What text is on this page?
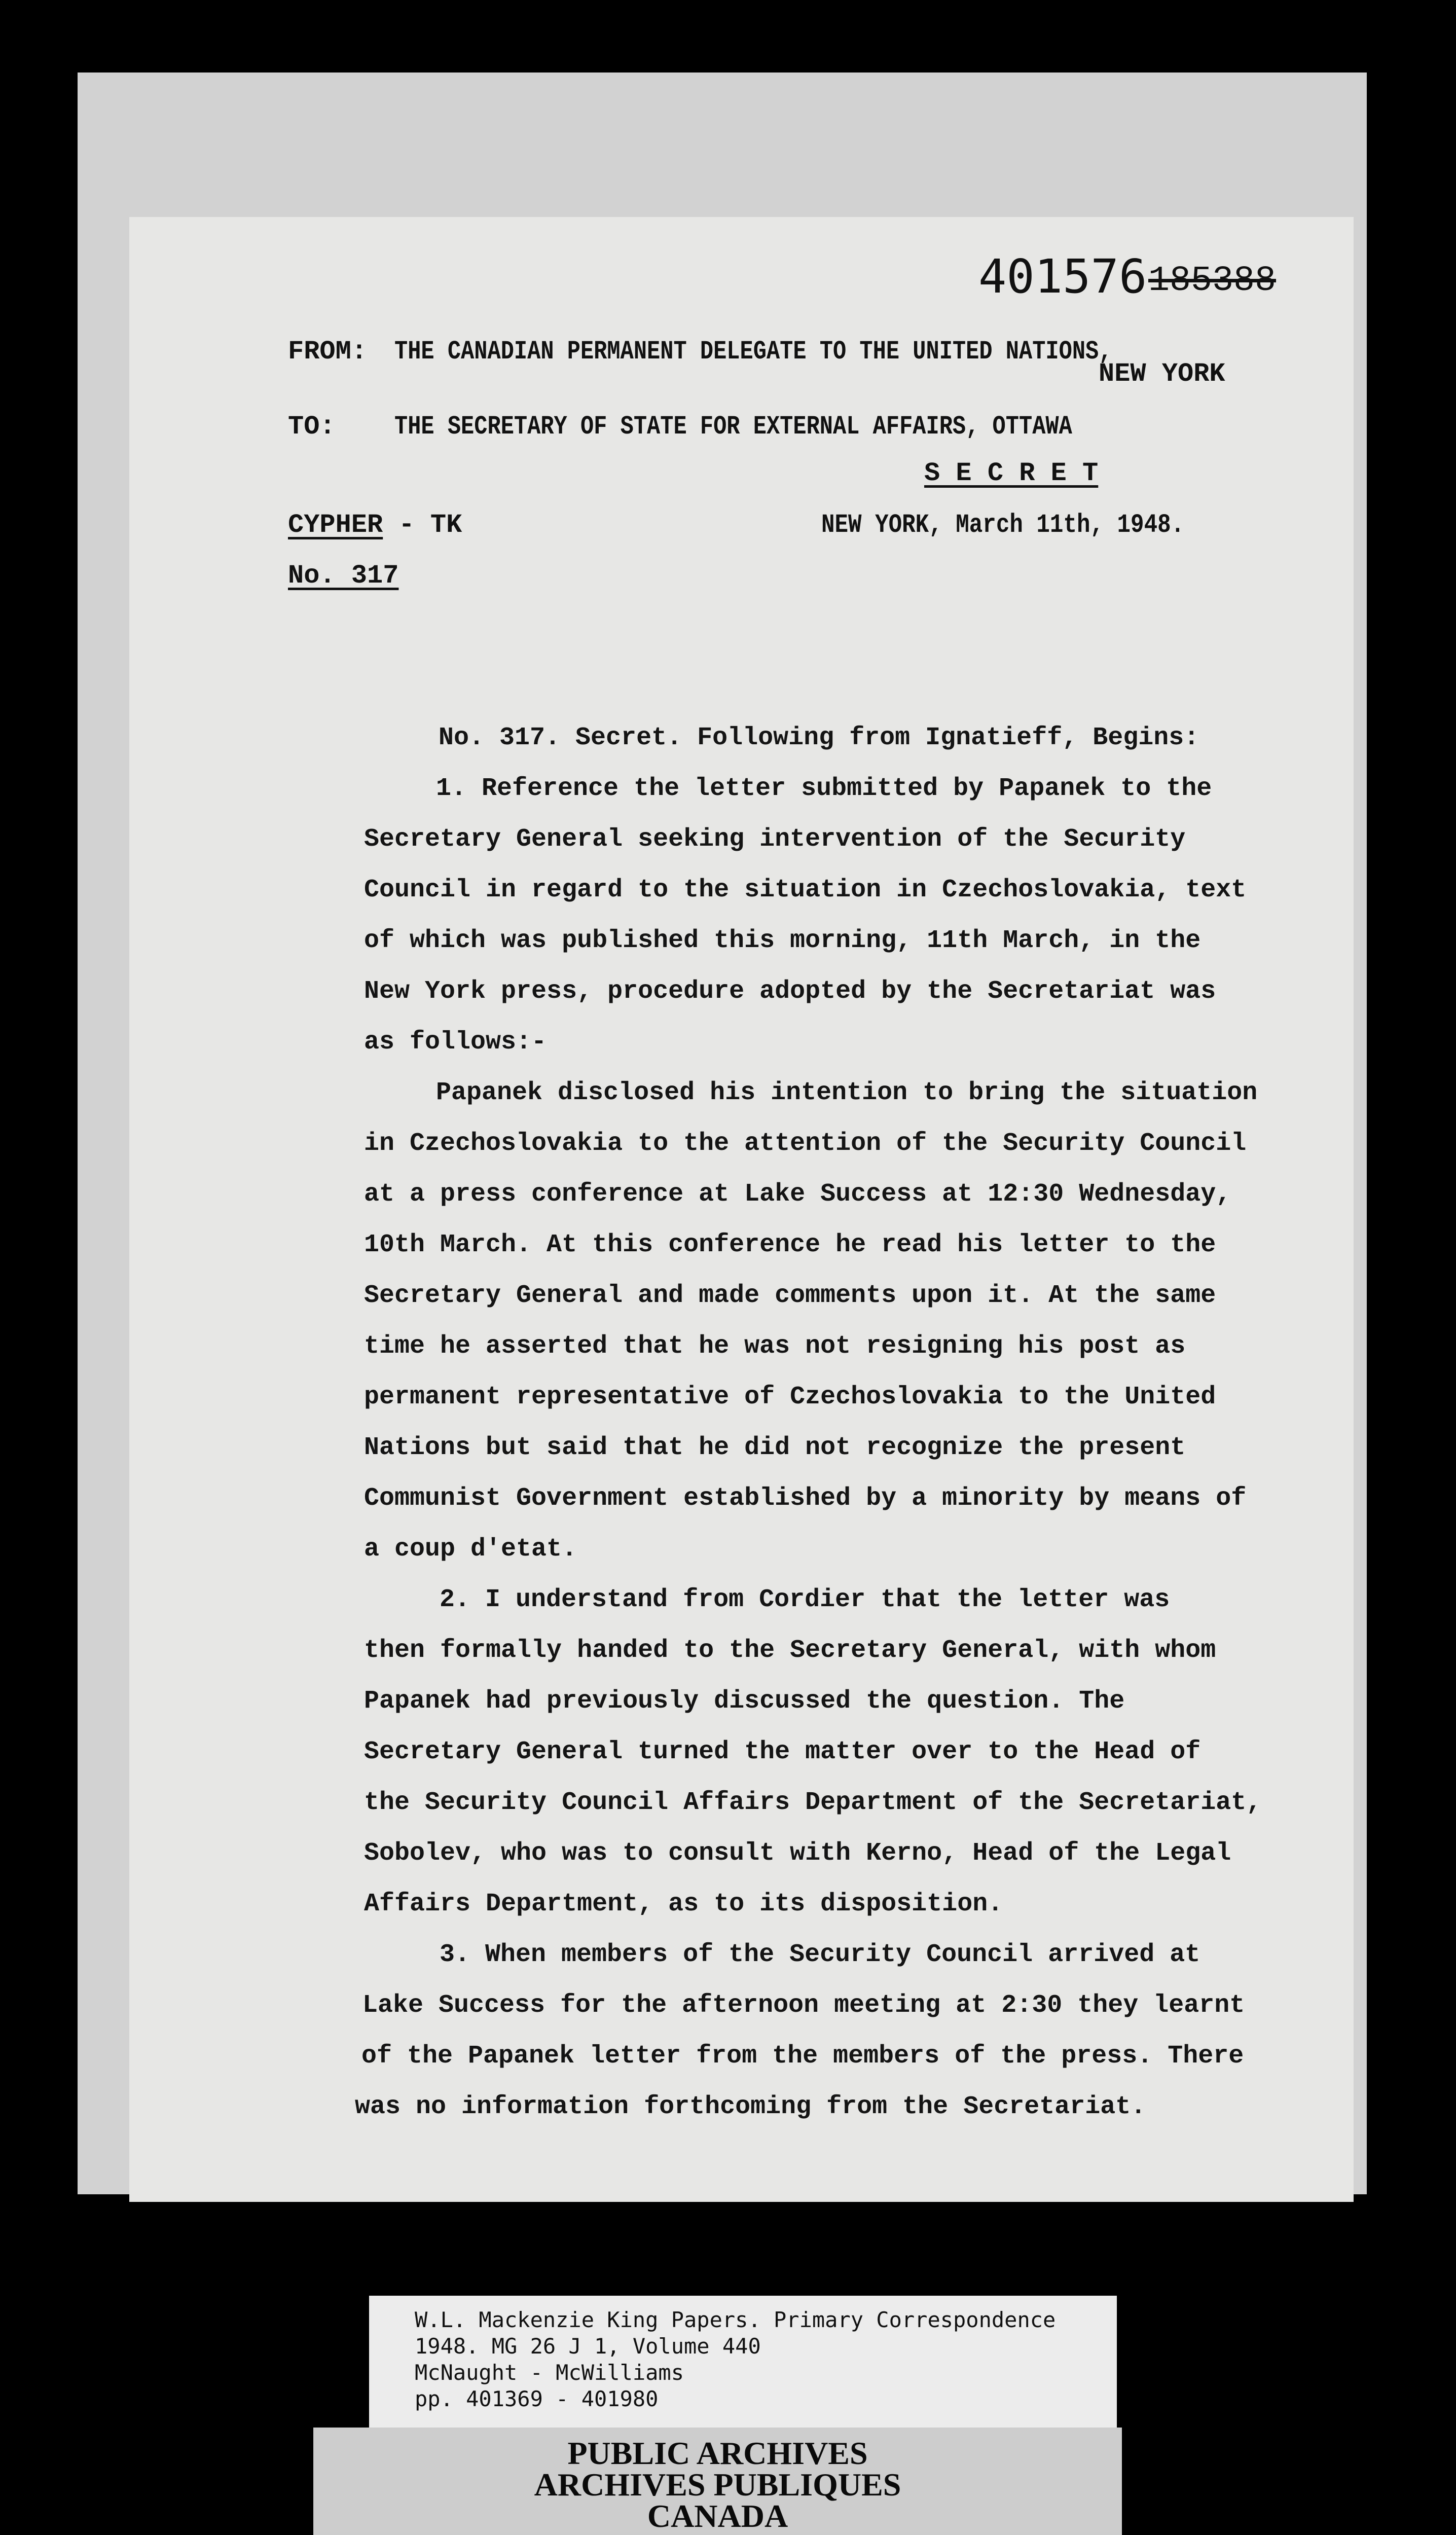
401576 185388
FROM: THE CANADIAN PERMANENT DELEGATE TO THE UNITED NATIONS,
NEW YORK
TO: THE SECRETARY OF STATE FOR EXTERNAL AFFAIRS, OTTAWA
S E C R E T
CYPHER - TK	NEW YORK, March 11th, 1948.
No. 317
No. 317. Secret. Following from Ignatieff, Begins:
1. Reference the letter submitted by Papanek to the
Secretary General seeking intervention of the Security
Council in regard to the situation in Czechoslovakia, text
of which was published this morning, 11th March, in the
New York press, procedure adopted by the Secretariat was
as follows:-
Papanek disclosed his intention to bring the situation
in Czechoslovakia to the attention of the Security Council
at a press conference at Lake Success at 12:30 Wednesday,
10th March. At this conference he read his letter to the
Secretary General and made comments upon it. At the same
time he asserted that he was not resigning his post as
permanent representative of Czechoslovakia to the United
Nations but said that he did not recognize the present
Communist Government established by a minority by means of
a coup d'etat.
2. I understand from Cordier that the letter was
then formally handed to the Secretary General, with whom
Papanek had previously discussed the question. The
Secretary General turned the matter over to the Head of
the Security Council Affairs Department of the Secretariat,
Sobolev, who was to consult with Kerno, Head of the Legal
Affairs Department, as to its disposition.
3. When members of the Security Council arrived at
Lake Success for the afternoon meeting at 2:30 they learnt
of the Papanek letter from the members of the press. There
was no information forthcoming from the Secretariat.
W.L. Mackenzie King Papers. Primary Correspondence
1948. MG 26 J 1, Volume 440
McNaught - McWilliams
pp. 401369 - 401980
PUBLIC ARCHIVES
ARCHIVES PUBLIQUES
CANADA
